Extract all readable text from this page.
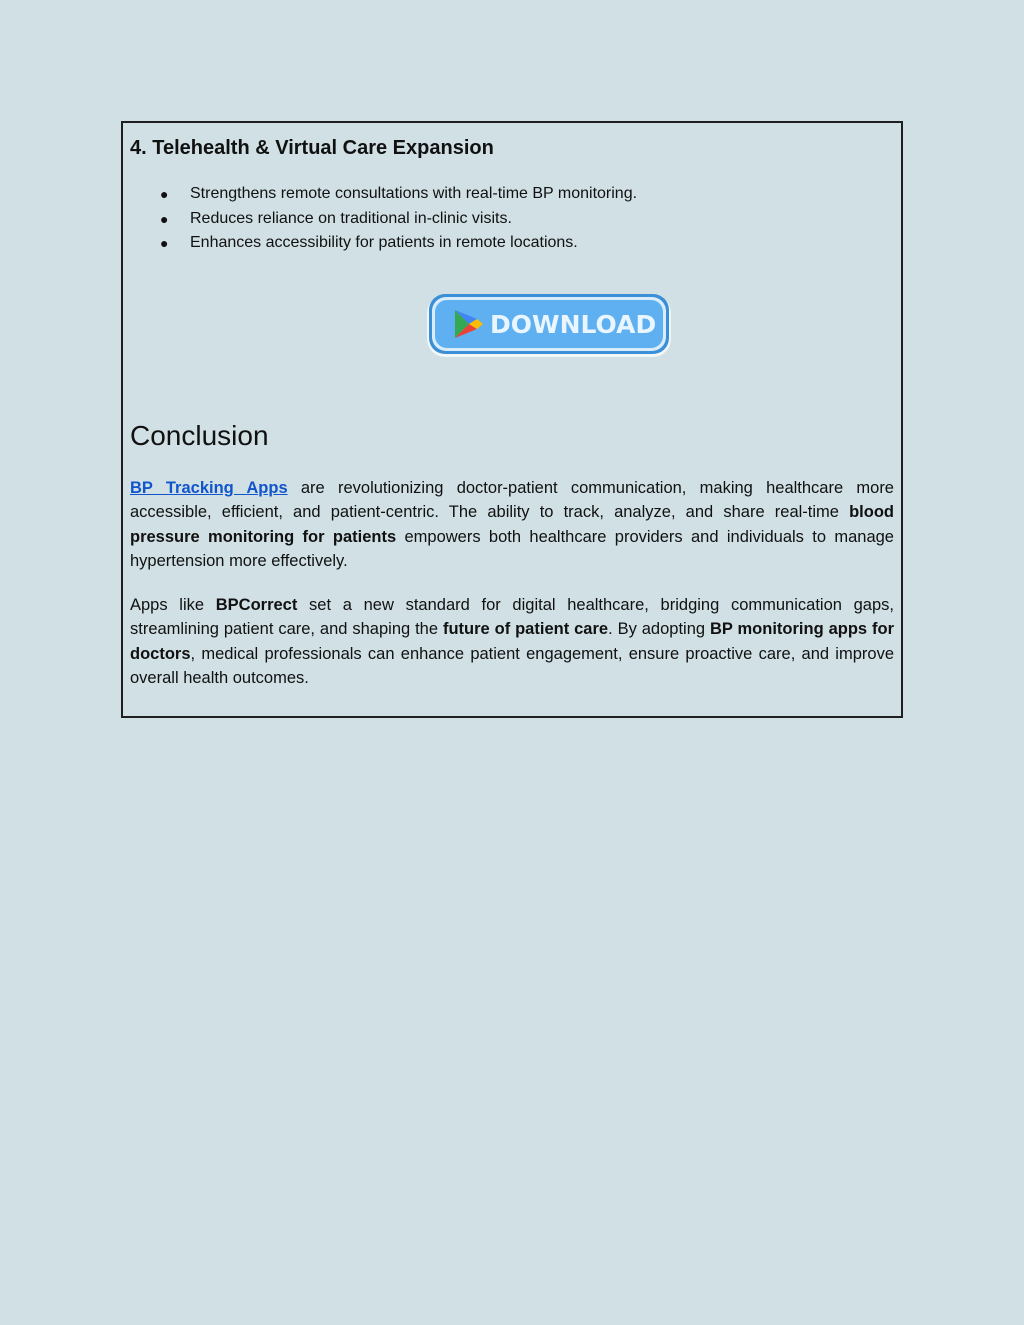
4. Telehealth & Virtual Care Expansion
● Strengthens remote consultations with real-time BP monitoring.
● Reduces reliance on traditional in-clinic visits.
● Enhances accessibility for patients in remote locations.
DOWNLOAD
Conclusion

BP Tracking Apps are revolutionizing doctor-patient communication, making healthcare more accessible, efficient, and patient-centric. The ability to track, analyze, and share real-time blood pressure monitoring for patients empowers both healthcare providers and individuals to manage hypertension more effectively.

Apps like BPCorrect set a new standard for digital healthcare, bridging communication gaps, streamlining patient care, and shaping the future of patient care. By adopting BP monitoring apps for doctors, medical professionals can enhance patient engagement, ensure proactive care, and improve overall health outcomes.
